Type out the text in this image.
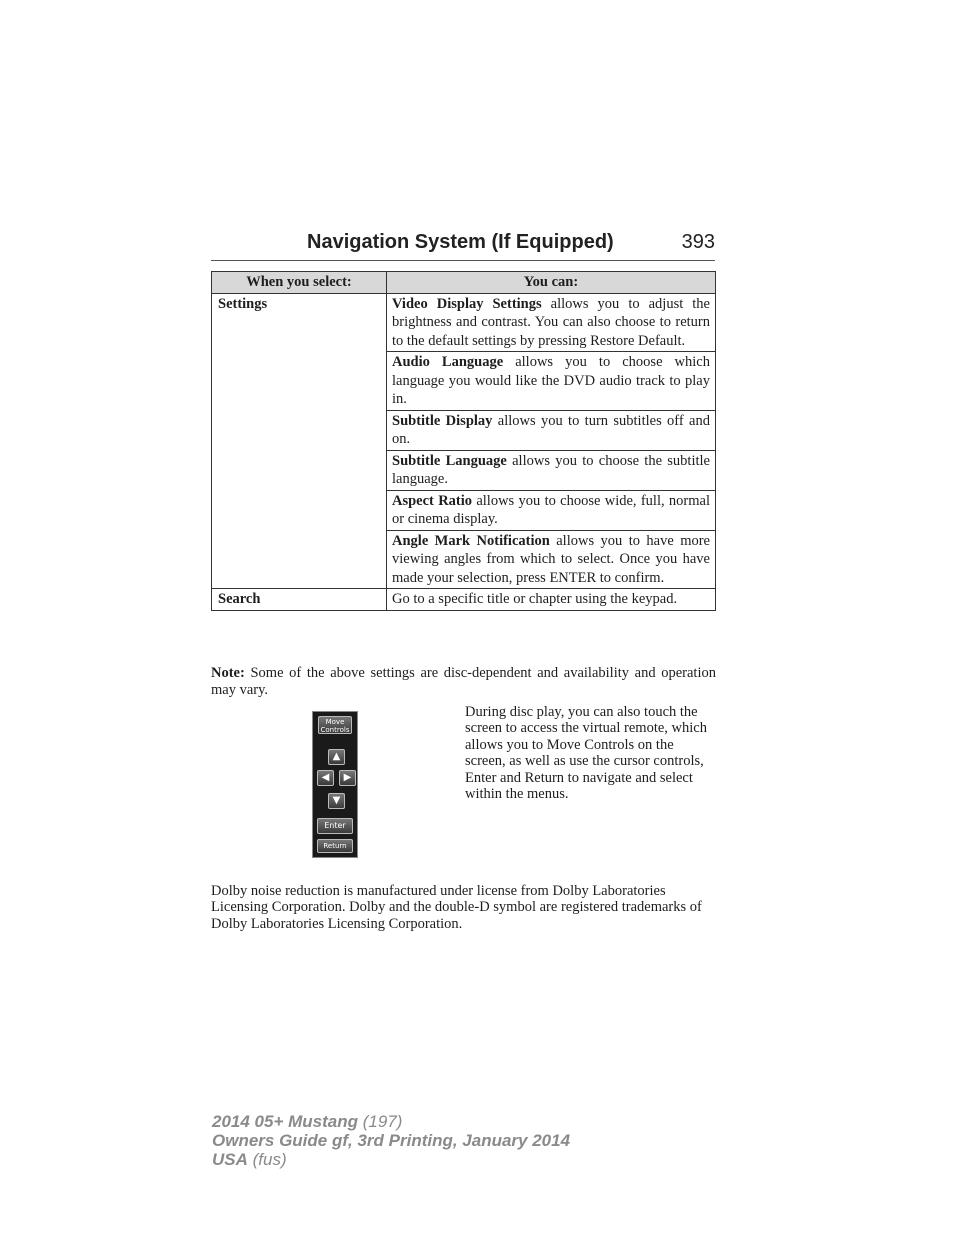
Navigation System (If Equipped)	393
When you select:	You can:
Settings	Video Display Settings allows you to adjust the brightness and contrast. You can also choose to return to the default settings by pressing Restore Default.
	Audio Language allows you to choose which language you would like the DVD audio track to play in.
	Subtitle Display allows you to turn subtitles off and on.
	Subtitle Language allows you to choose the subtitle language.
	Aspect Ratio allows you to choose wide, full, normal or cinema display.
	Angle Mark Notification allows you to have more viewing angles from which to select. Once you have made your selection, press ENTER to confirm.
Search	Go to a specific title or chapter using the keypad.
Note: Some of the above settings are disc-dependent and availability and operation may vary.
Move
Controls
▲
◀	▶
▼
Enter
Return
During disc play, you can also touch the screen to access the virtual remote, which allows you to Move Controls on the screen, as well as use the cursor controls, Enter and Return to navigate and select within the menus.
Dolby noise reduction is manufactured under license from Dolby Laboratories Licensing Corporation. Dolby and the double-D symbol are registered trademarks of Dolby Laboratories Licensing Corporation.
2014 05+ Mustang (197)
Owners Guide gf, 3rd Printing, January 2014
USA (fus)
